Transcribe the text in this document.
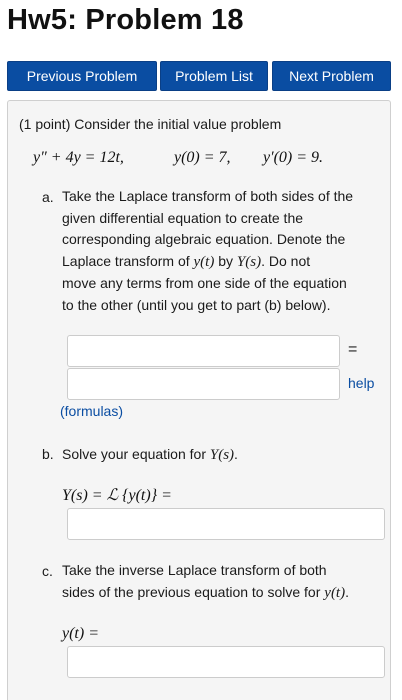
Hw5: Problem 18
Previous Problem	Problem List	Next Problem
(1 point) Consider the initial value problem
y″ + 4y = 12t,	y(0) = 7, y′(0) = 9.
a. Take the Laplace transform of both sides of the
given differential equation to create the
corresponding algebraic equation. Denote the
Laplace transform of y(t) by Y(s). Do not
move any terms from one side of the equation
to the other (until you get to part (b) below).
=
help
(formulas)
b. Solve your equation for Y(s).
Y(s) = ℒ {y(t)} =
c. Take the inverse Laplace transform of both
sides of the previous equation to solve for y(t).
y(t) =
